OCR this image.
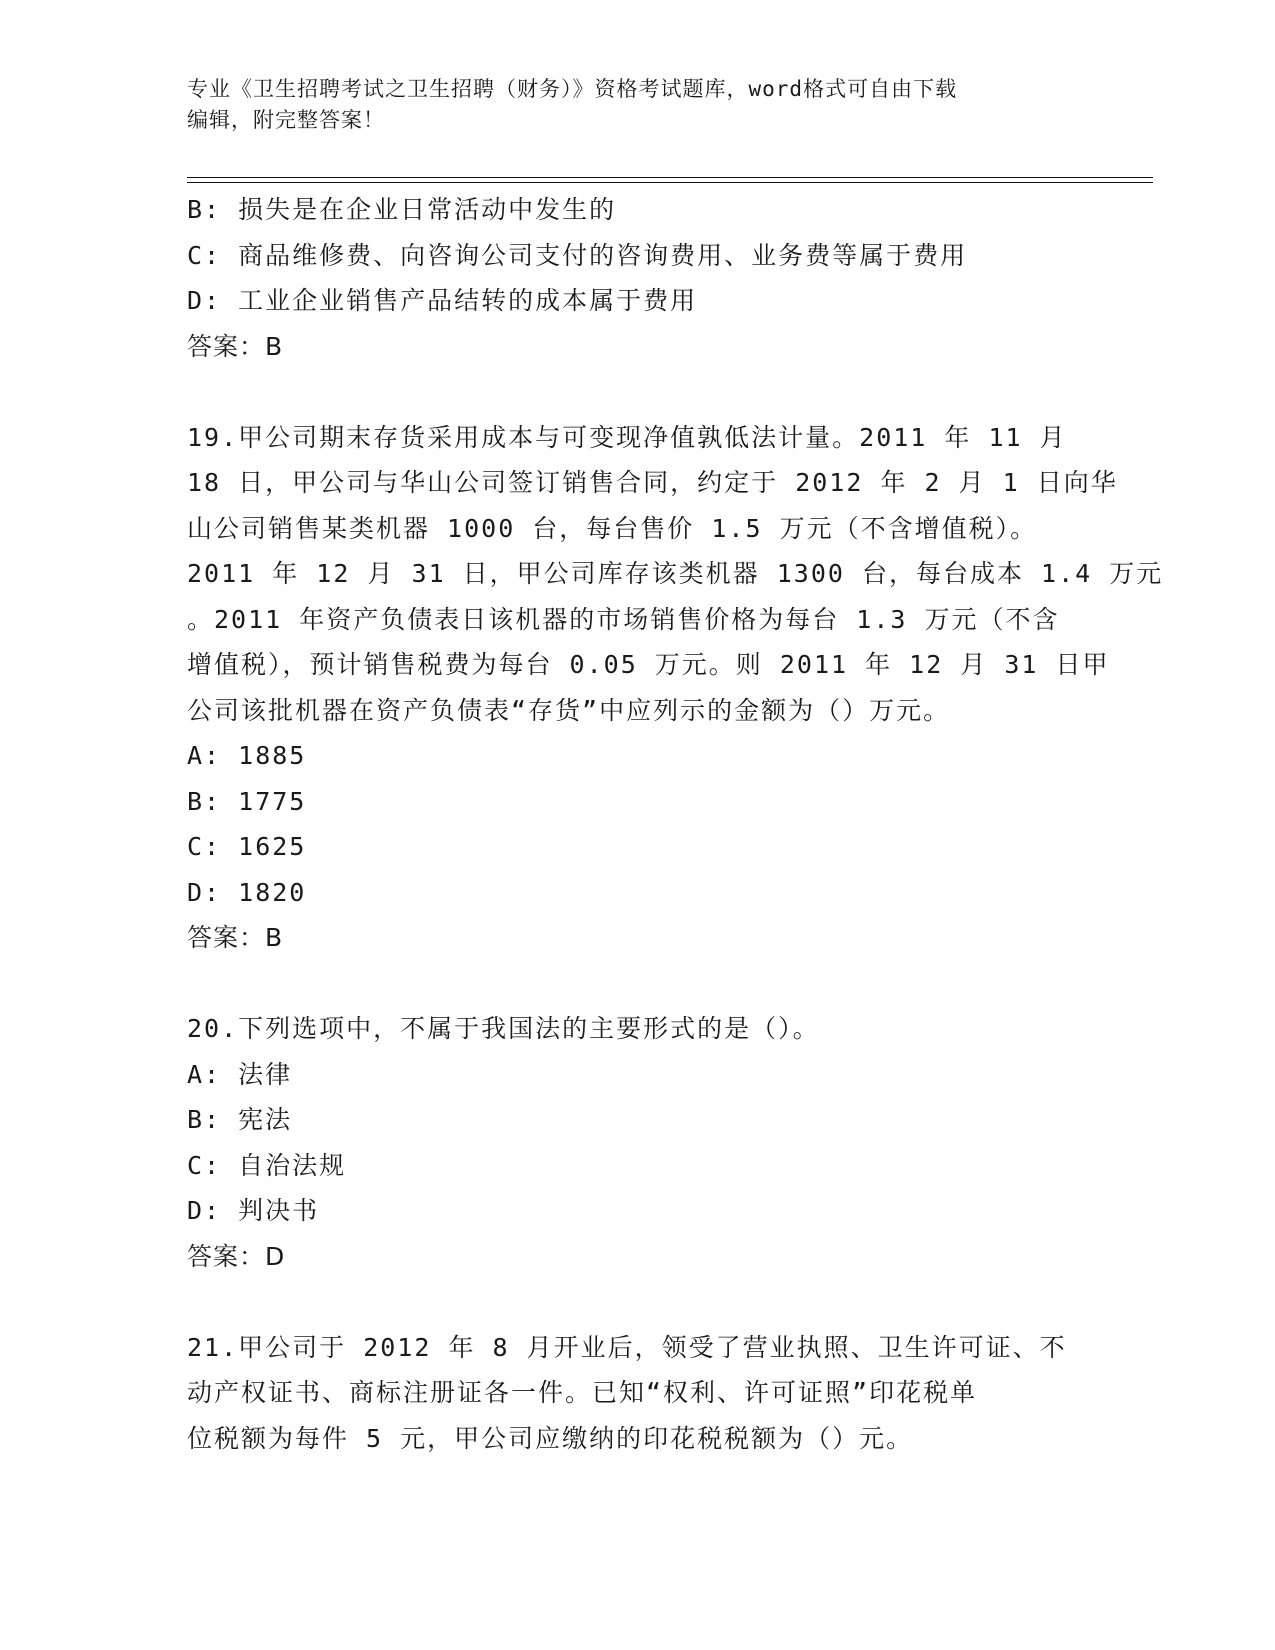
专业《卫生招聘考试之卫生招聘（财务）》资格考试题库，word格式可自由下载
编辑，附完整答案！
B: 损失是在企业日常活动中发生的
C: 商品维修费、向咨询公司支付的咨询费用、业务费等属于费用
D: 工业企业销售产品结转的成本属于费用
答案：B
19.甲公司期末存货采用成本与可变现净值孰低法计量。2011 年 11 月
18 日，甲公司与华山公司签订销售合同，约定于 2012 年 2 月 1 日向华
山公司销售某类机器 1000 台，每台售价 1.5 万元（不含增值税）。
2011 年 12 月 31 日，甲公司库存该类机器 1300 台，每台成本 1.4 万元
。2011 年资产负债表日该机器的市场销售价格为每台 1.3 万元（不含
增值税），预计销售税费为每台 0.05 万元。则 2011 年 12 月 31 日甲
公司该批机器在资产负债表“存货”中应列示的金额为（）万元。
A: 1885
B: 1775
C: 1625
D: 1820
答案：B
20.下列选项中，不属于我国法的主要形式的是（）。
A: 法律
B: 宪法
C: 自治法规
D: 判决书
答案：D
21.甲公司于 2012 年 8 月开业后，领受了营业执照、卫生许可证、不
动产权证书、商标注册证各一件。已知“权利、许可证照”印花税单
位税额为每件 5 元，甲公司应缴纳的印花税税额为（）元。
